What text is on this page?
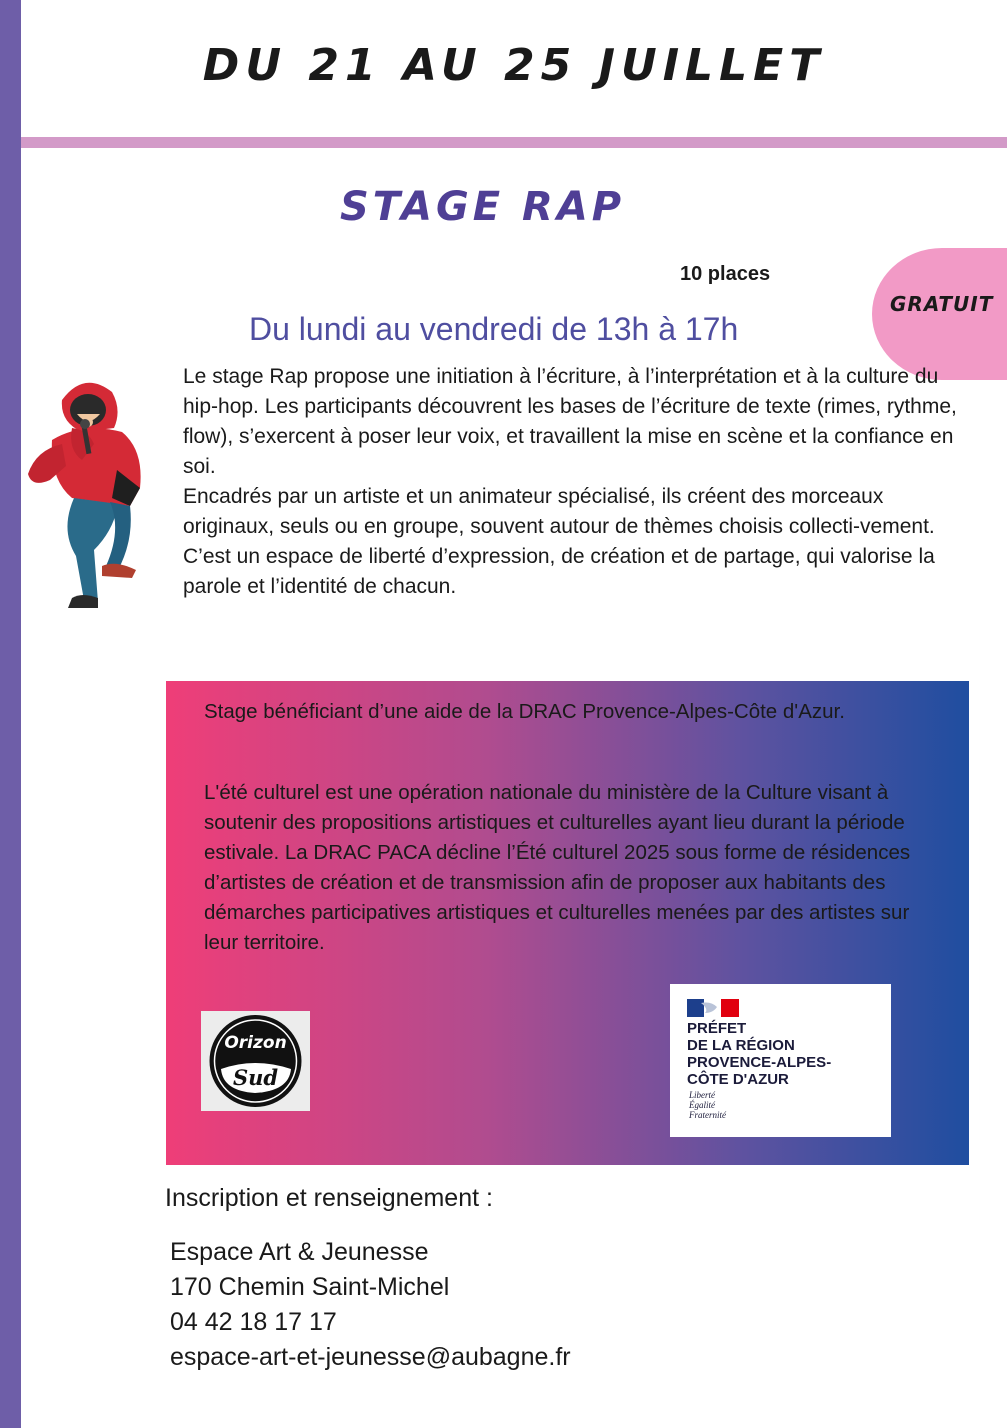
DU 21 AU 25 JUILLET
STAGE RAP
10 places
GRATUIT
Du lundi au vendredi de 13h à 17h

Le stage Rap propose une initiation à l’écriture, à l’interprétation et à la culture du hip-hop. Les participants découvrent les bases de l’écriture de texte (rimes, rythme, flow), s’exercent à poser leur voix, et travaillent la mise en scène et la confiance en soi.

Encadrés par un artiste et un animateur spécialisé, ils créent des morceaux originaux, seuls ou en groupe, souvent autour de thèmes choisis collecti-vement. C’est un espace de liberté d’expression, de création et de partage, qui valorise la parole et l’identité de chacun.

Stage bénéficiant d’une aide de la DRAC Provence-Alpes-Côte d'Azur.

L'été culturel est une opération nationale du ministère de la Culture visant à soutenir des propositions artistiques et culturelles ayant lieu durant la période estivale. La DRAC PACA décline l’Été culturel 2025 sous forme de résidences d’artistes de création et de transmission afin de proposer aux habitants des démarches participatives artistiques et culturelles menées par des artistes sur leur territoire.

Orizon
Sud

PRÉFET
DE LA RÉGION
PROVENCE-ALPES-
CÔTE D'AZUR

Liberté
Égalité
Fraternité

Inscription et renseignement :
Espace Art & Jeunesse
170 Chemin Saint-Michel
04 42 18 17 17
espace-art-et-jeunesse@aubagne.fr
